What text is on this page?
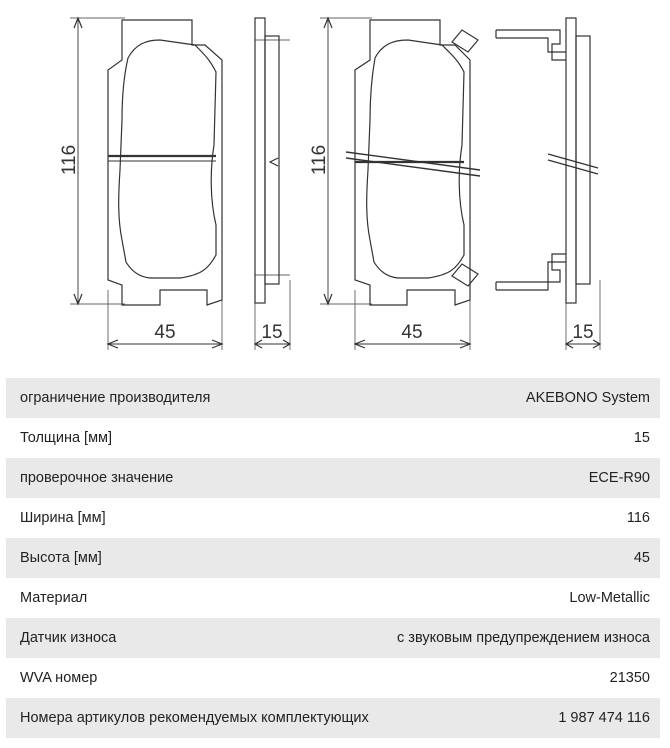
116
45	15
116
45	15
ограничение производителя	AKEBONO System
Толщина [мм]	15
проверочное значение	ECE-R90
Ширина [мм]	116
Высота [мм]	45
Материал	Low-Metallic
Датчик износа	с звуковым предупреждением износа
WVA номер	21350
Номера артикулов рекомендуемых комплектующих	1 987 474 116
